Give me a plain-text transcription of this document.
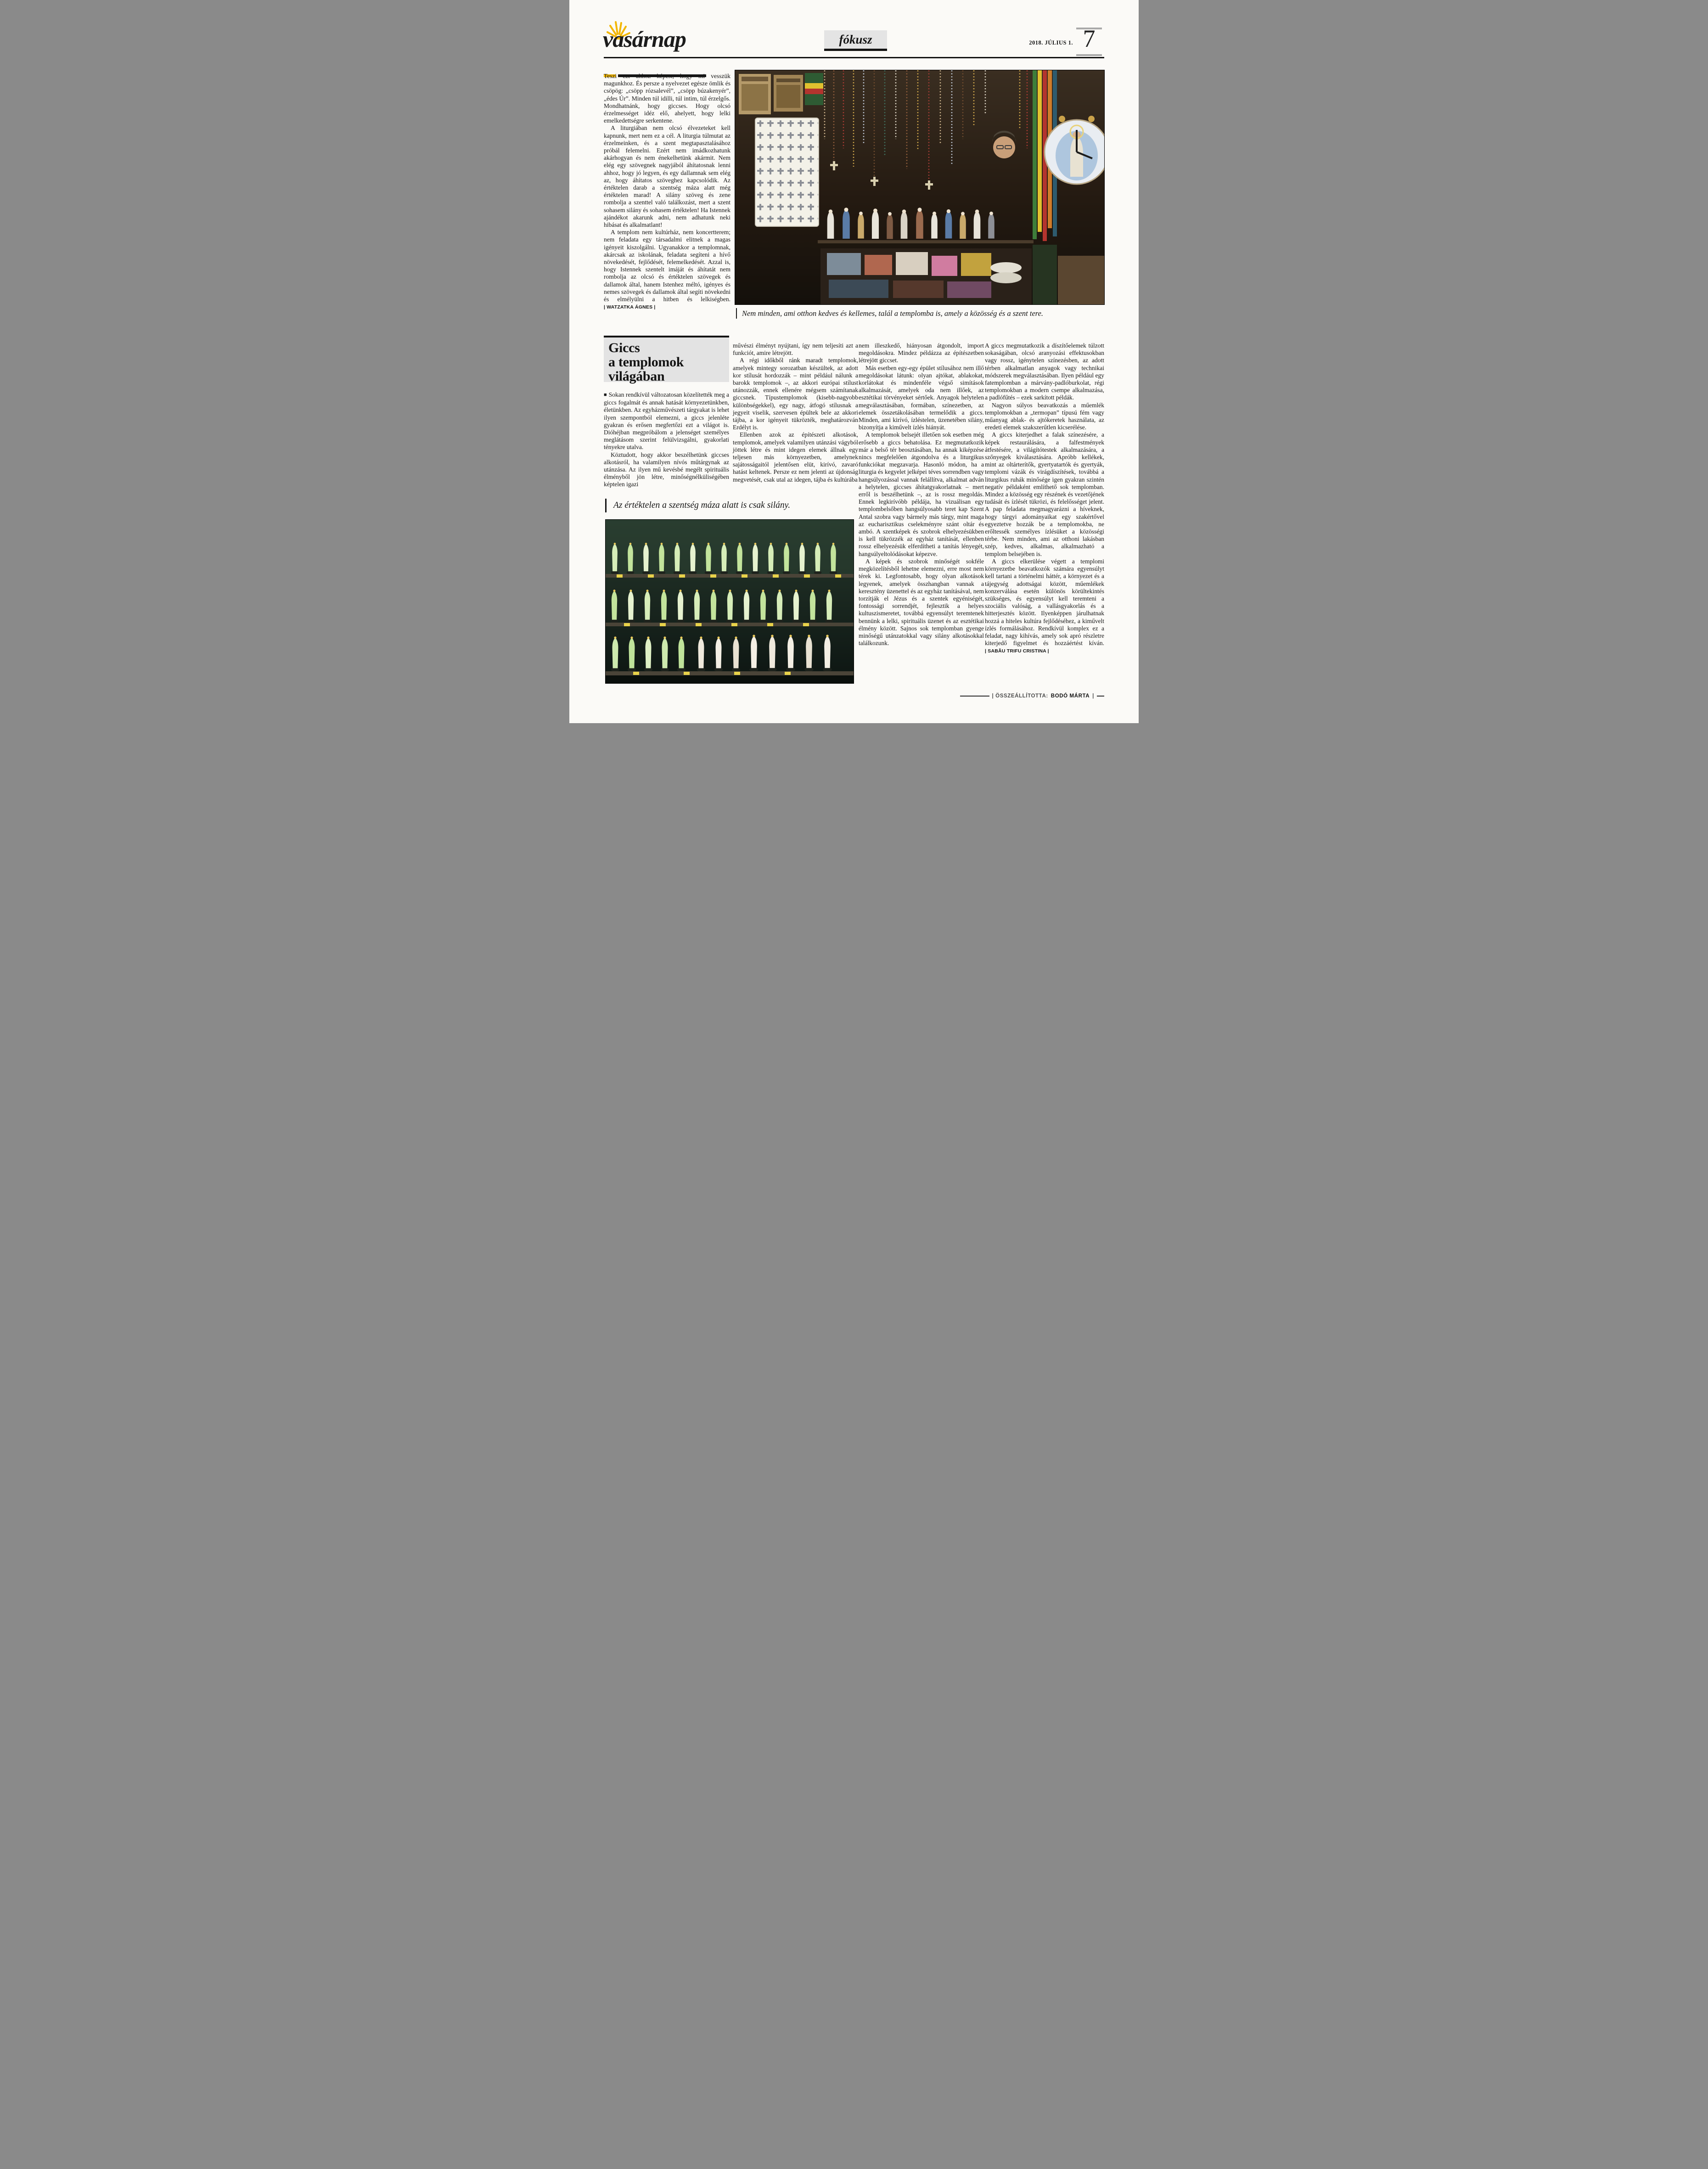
vasárnap	fókusz	2018. JÚLIUS 1. 7

Teszi ezt ahhoz képest, hogy mi vesszük magunkhoz. És persze a nyelvezet egésze ömlik és csöpög: „csöpp rózsalevél”, „csöpp búzakenyér”, „édes Úr”. Minden túl idilli, túl intim, túl érzelgős. Mondhatnánk, hogy giccses. Hogy olcsó érzelmességet idéz elő, ahelyett, hogy lelki emelkedettségre serkentene.

A liturgiában nem olcsó élvezeteket kell kapnunk, mert nem ez a cél. A liturgia túlmutat az érzelmeinken, és a szent megtapasztalásához próbál felemelni. Ezért nem imádkozhatunk akárhogyan és nem énekelhetünk akármit. Nem elég egy szövegnek nagyjából áhítatosnak lenni ahhoz, hogy jó legyen, és egy dallamnak sem elég az, hogy áhítatos szöveghez kapcsolódik. Az értéktelen darab a szentség máza alatt még értéktelen marad! A silány szöveg és zene rombolja a szenttel való találkozást, mert a szent sohasem silány és sohasem értéktelen! Ha Istennek ajándékot akarunk adni, nem adhatunk neki hibásat és alkalmatlant!

A templom nem kultúrház, nem koncertterem; nem feladata egy társadalmi elitnek a magas igényeit kiszolgálni. Ugyanakkor a templomnak, akárcsak az iskolának, feladata segíteni a hívő növekedését, fejlődését, felemelkedését. Azzal is, hogy Istennek szentelt imáját és áhítatát nem rombolja az olcsó és értéktelen szövegek és dallamok által, hanem Istenhez méltó, igényes és nemes szövegek és dallamok által segíti növekedni és elmélyülni a hitben és lelkiségben. | WATZATKA ÁGNES |

Nem minden, ami otthon kedves és kellemes, talál a templomba is, amely a közösség és a szent tere.
Giccs
a templomok
világában

■ Sokan rendkívül változatosan közelítették meg a giccs fogalmát és annak hatását környezetünkben, életünkben. Az egyházművészeti tárgyakat is lehet ilyen szempontból elemezni, a giccs jelenléte gyakran és erősen megfertőzi ezt a világot is. Dióhéjban megpróbálom a jelenséget személyes meglátásom szerint felülvizsgálni, gyakorlati tényekre utalva.

Köztudott, hogy akkor beszélhetünk giccses alkotásról, ha valamilyen nívós műtárgynak az utánzása. Az ilyen mű kevésbé megélt spirituális élményből jön létre, minőségnélküliségében képtelen igazi

művészi élményt nyújtani, így nem teljesíti azt a funkciót, amire létrejött.

A régi időkből ránk maradt templomok, amelyek mintegy sorozatban készültek, az adott kor stílusát hordozzák – mint például nálunk a barokk templomok –, az akkori európai stílust utánozzák, ennek ellenére mégsem számítanak giccsnek. Típustemplomok (kisebb-nagyobb különbségekkel), egy nagy, átfogó stílusnak a jegyeit viselik, szervesen épültek bele az akkori tájba, a kor igényeit tükrözték, meghatározván Erdélyt is.

Ellenben azok az építészeti alkotások, templomok, amelyek valamilyen utánzási vágyból jöttek létre és mint idegen elemek állnak egy teljesen más környezetben, amelynek sajátosságaitól jelentősen elüt, kirívó, zavaró hatást keltenek. Persze ez nem jelenti az újdonság megvetését, csak utal az idegen, tájba és kultúrába

nem illeszkedő, hiányosan átgondolt, import megoldásokra. Mindez példázza az építészetben létrejött giccset.

Más esetben egy-egy épület stílusához nem illő megoldásokat látunk: olyan ajtókat, ablakokat, korlátokat és mindenféle végső simítások alkalmazását, amelyek oda nem illőek, az esztétikai törvényeket sértőek. Anyagok helytelen megválasztásában, formában, színezetben, az elemek összetákolásában termelődik a giccs. Minden, ami kirívó, ízléstelen, üzenetében silány, bizonyítja a kiművelt ízlés hiányát.

A templomok belsejét illetően sok esetben még erősebb a giccs behatolása. Ez megmutatkozik már a belső tér beosztásában, ha annak kiképzése nincs megfelelően átgondolva és a liturgikus funkciókat megzavarja. Hasonló módon, ha a liturgia és kegyelet jelképei téves sorrendben vagy hangsúlyozással vannak felállítva, alkalmat adván a helytelen, giccses áhítatgyakorlatnak – mert erről is beszélhetünk –, az is rossz megoldás. Ennek legkirívóbb példája, ha vizuálisan egy templombelsőben hangsúlyosabb teret kap Szent Antal szobra vagy bármely más tárgy, mint maga az eucharisztikus cselekményre szánt oltár és ambó. A szentképek és szobrok elhelyezésükben is kell tükrözzék az egyház tanítását, ellenben rossz elhelyezésük elferdítheti a tanítás lényegét, hangsúlyeltolódásokat képezve.

A képek és szobrok minőségét sokféle megközelítésből lehetne elemezni, erre most nem térek ki. Legfontosabb, hogy olyan alkotások legyenek, amelyek összhangban vannak a keresztény üzenettel és az egyház tanításával, nem torzítják el Jézus és a szentek egyéniségét, fontossági sorrendjét, fejlesztik a helyes kultuszismeretet, továbbá egyensúlyt teremtenek bennünk a lelki, spirituális üzenet és az esztétikai élmény között. Sajnos sok templomban gyenge minőségű utánzatokkal vagy silány alkotásokkal találkozunk.

A giccs megmutatkozik a díszítőelemek túlzott sokaságában, olcsó aranyozási effektusokban vagy rossz, igénytelen színezésben, az adott térben alkalmatlan anyagok vagy technikai módszerek megválasztásában. Ilyen például egy fatemplomban a márvány-padlóburkolat, régi templomokban a modern csempe alkalmazása, a padlófűtés – ezek sarkított példák.

Nagyon súlyos beavatkozás a műemlék templomokban a „termopan” típusú fém vagy műanyag ablak- és ajtókeretek használata, az eredeti elemek szakszerűtlen kicserélése.

A giccs kiterjedhet a falak színezésére, a képek restaurálására, a falfestmények átfestésére, a világítótestek alkalmazására, a szőnyegek kiválasztására. Apróbb kellékek, mint az oltárterítők, gyertyatartók és gyertyák, templomi vázák és virágdíszítések, továbbá a liturgikus ruhák minősége igen gyakran szintén negatív példaként említhető sok templomban. Mindez a közösség egy részének és vezetőjének tudását és ízlését tükrözi, és felelősséget jelent. A pap feladata megmagyarázni a híveknek, hogy tárgyi adományaikat egy szakértővel egyeztetve hozzák be a templomokba, ne erőltessék személyes ízlésüket a közösségi térbe. Nem minden, ami az otthoni lakásban szép, kedves, alkalmas, alkalmazható a templom belsejében is.

A giccs elkerülése végett a templomi környezetbe beavatkozók számára egyensúlyt kell tartani a történelmi háttér, a környezet és a tájegység adottságai között, műemlékek konzerválása esetén különös körültekintés szükséges, és egyensúlyt kell teremteni a szociális valóság, a vallásgyakorlás és a hitterjesztés között. Ilyenképpen járulhatnak hozzá a hiteles kultúra fejlődéséhez, a kiművelt ízlés formálásához. Rendkívül komplex ez a feladat, nagy kihívás, amely sok apró részletre kiterjedő figyelmet és hozzáértést kíván. | SABĂU TRIFU CRISTINA |

Az értéktelen a szentség máza alatt is csak silány.
| ÖSSZEÁLLÍTOTTA: BODÓ MÁRTA |
